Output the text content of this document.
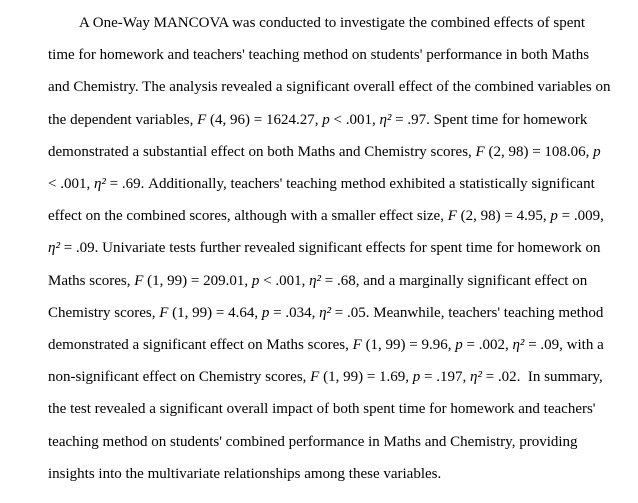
A One-Way MANCOVA was conducted to investigate the combined effects of spent
time for homework and teachers' teaching method on students' performance in both Maths
and Chemistry. The analysis revealed a significant overall effect of the combined variables on
the dependent variables, F (4, 96) = 1624.27, p < .001, η² = .97. Spent time for homework
demonstrated a substantial effect on both Maths and Chemistry scores, F (2, 98) = 108.06, p
< .001, η² = .69. Additionally, teachers' teaching method exhibited a statistically significant
effect on the combined scores, although with a smaller effect size, F (2, 98) = 4.95, p = .009,
η² = .09. Univariate tests further revealed significant effects for spent time for homework on
Maths scores, F (1, 99) = 209.01, p < .001, η² = .68, and a marginally significant effect on
Chemistry scores, F (1, 99) = 4.64, p = .034, η² = .05. Meanwhile, teachers' teaching method
demonstrated a significant effect on Maths scores, F (1, 99) = 9.96, p = .002, η² = .09, with a
non-significant effect on Chemistry scores, F (1, 99) = 1.69, p = .197, η² = .02.  In summary,
the test revealed a significant overall impact of both spent time for homework and teachers'
teaching method on students' combined performance in Maths and Chemistry, providing
insights into the multivariate relationships among these variables.
